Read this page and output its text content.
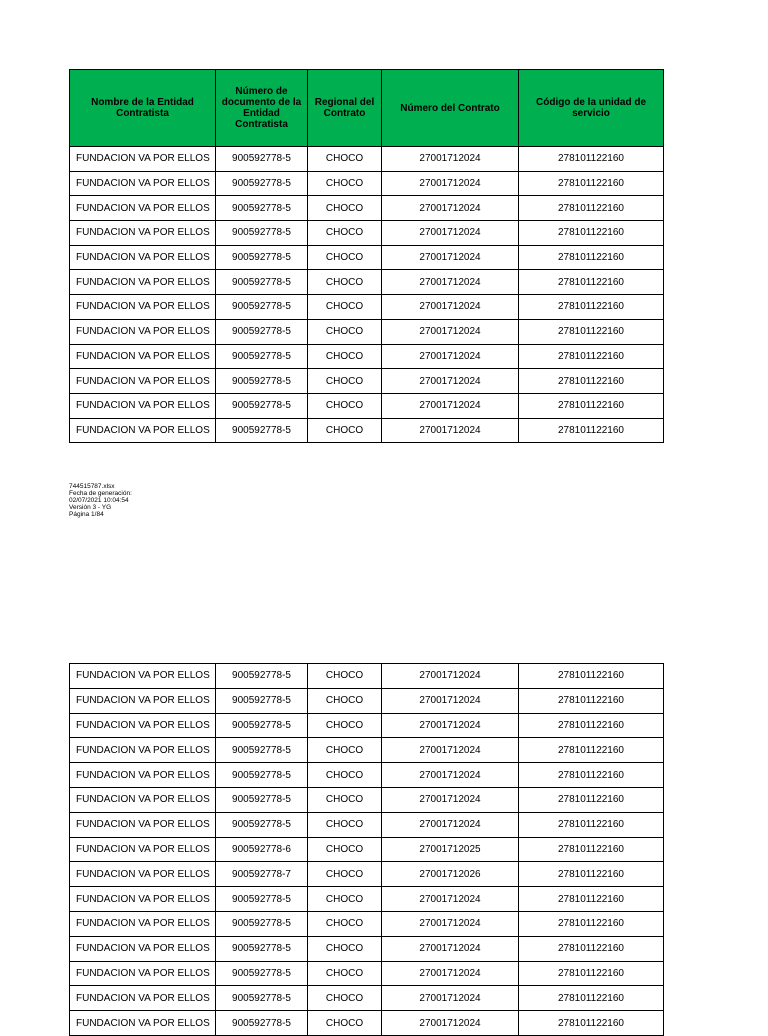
Nombre de la Entidad Contratista	Número de documento de la Entidad Contratista	Regional del Contrato	Número del Contrato	Código de la unidad de servicio
FUNDACION VA POR ELLOS	900592778-5	CHOCO	27001712024	278101122160
FUNDACION VA POR ELLOS	900592778-5	CHOCO	27001712024	278101122160
FUNDACION VA POR ELLOS	900592778-5	CHOCO	27001712024	278101122160
FUNDACION VA POR ELLOS	900592778-5	CHOCO	27001712024	278101122160
FUNDACION VA POR ELLOS	900592778-5	CHOCO	27001712024	278101122160
FUNDACION VA POR ELLOS	900592778-5	CHOCO	27001712024	278101122160
FUNDACION VA POR ELLOS	900592778-5	CHOCO	27001712024	278101122160
FUNDACION VA POR ELLOS	900592778-5	CHOCO	27001712024	278101122160
FUNDACION VA POR ELLOS	900592778-5	CHOCO	27001712024	278101122160
FUNDACION VA POR ELLOS	900592778-5	CHOCO	27001712024	278101122160
FUNDACION VA POR ELLOS	900592778-5	CHOCO	27001712024	278101122160
FUNDACION VA POR ELLOS	900592778-5	CHOCO	27001712024	278101122160
744515787.xlsx
Fecha de generación:
02/07/2021 10:04:54
Versión 3 - YG
Página 1/84
FUNDACION VA POR ELLOS	900592778-5	CHOCO	27001712024	278101122160
FUNDACION VA POR ELLOS	900592778-5	CHOCO	27001712024	278101122160
FUNDACION VA POR ELLOS	900592778-5	CHOCO	27001712024	278101122160
FUNDACION VA POR ELLOS	900592778-5	CHOCO	27001712024	278101122160
FUNDACION VA POR ELLOS	900592778-5	CHOCO	27001712024	278101122160
FUNDACION VA POR ELLOS	900592778-5	CHOCO	27001712024	278101122160
FUNDACION VA POR ELLOS	900592778-5	CHOCO	27001712024	278101122160
FUNDACION VA POR ELLOS	900592778-6	CHOCO	27001712025	278101122160
FUNDACION VA POR ELLOS	900592778-7	CHOCO	27001712026	278101122160
FUNDACION VA POR ELLOS	900592778-5	CHOCO	27001712024	278101122160
FUNDACION VA POR ELLOS	900592778-5	CHOCO	27001712024	278101122160
FUNDACION VA POR ELLOS	900592778-5	CHOCO	27001712024	278101122160
FUNDACION VA POR ELLOS	900592778-5	CHOCO	27001712024	278101122160
FUNDACION VA POR ELLOS	900592778-5	CHOCO	27001712024	278101122160
FUNDACION VA POR ELLOS	900592778-5	CHOCO	27001712024	278101122160
